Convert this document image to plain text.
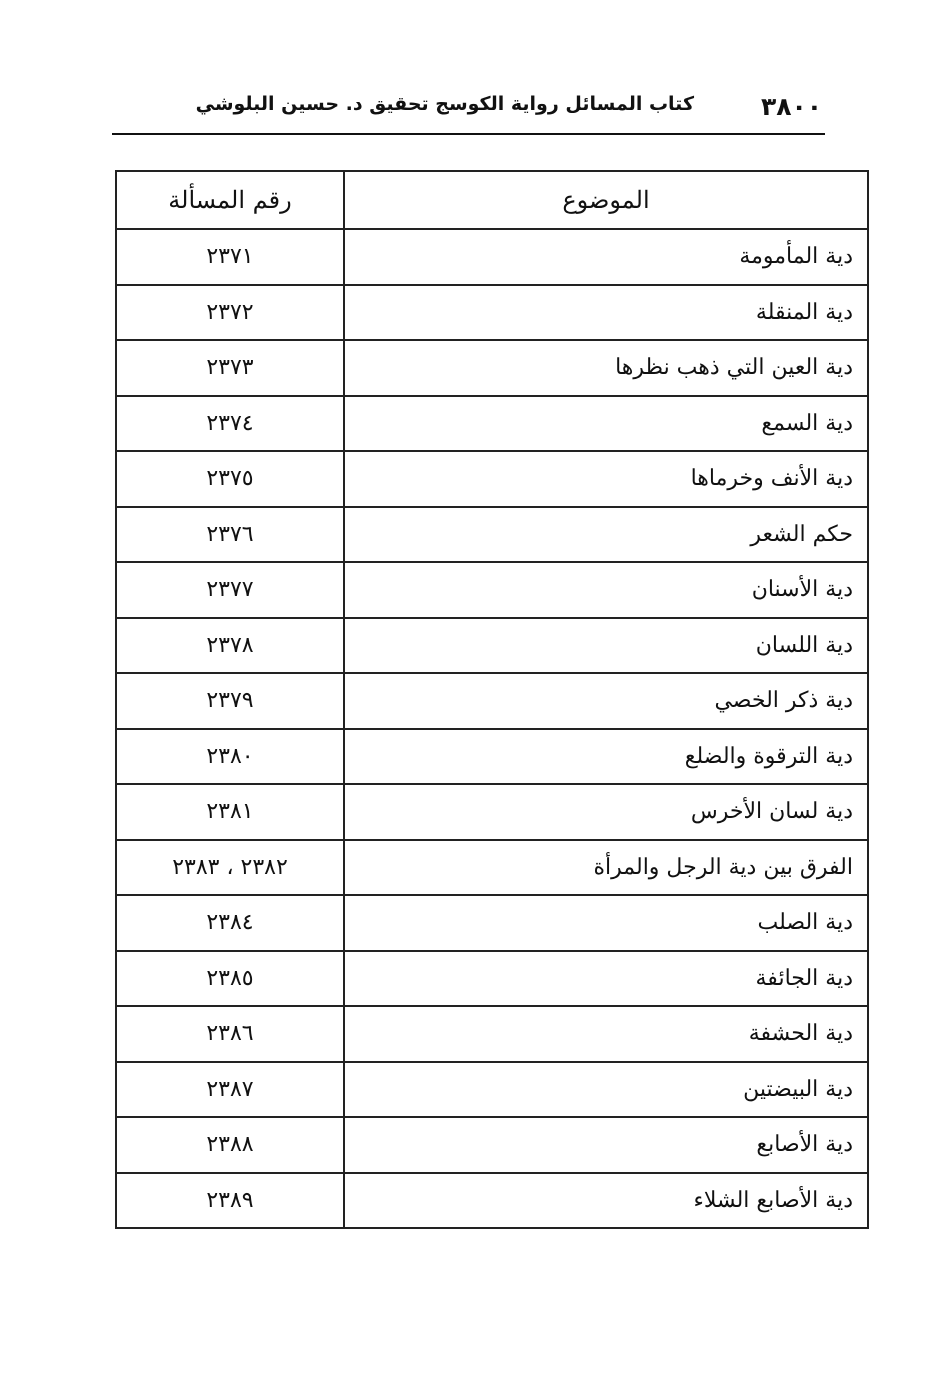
٣٨٠٠
كتاب المسائل رواية الكوسج تحقيق د. حسين البلوشي
الموضوع	رقم المسألة
دية المأمومة	٢٣٧١
دية المنقلة	٢٣٧٢
دية العين التي ذهب نظرها	٢٣٧٣
دية السمع	٢٣٧٤
دية الأنف وخرماها	٢٣٧٥
حكم الشعر	٢٣٧٦
دية الأسنان	٢٣٧٧
دية اللسان	٢٣٧٨
دية ذكر الخصي	٢٣٧٩
دية الترقوة والضلع	٢٣٨٠
دية لسان الأخرس	٢٣٨١
الفرق بين دية الرجل والمرأة	٢٣٨٢ ، ٢٣٨٣
دية الصلب	٢٣٨٤
دية الجائفة	٢٣٨٥
دية الحشفة	٢٣٨٦
دية البيضتين	٢٣٨٧
دية الأصابع	٢٣٨٨
دية الأصابع الشلاء	٢٣٨٩
